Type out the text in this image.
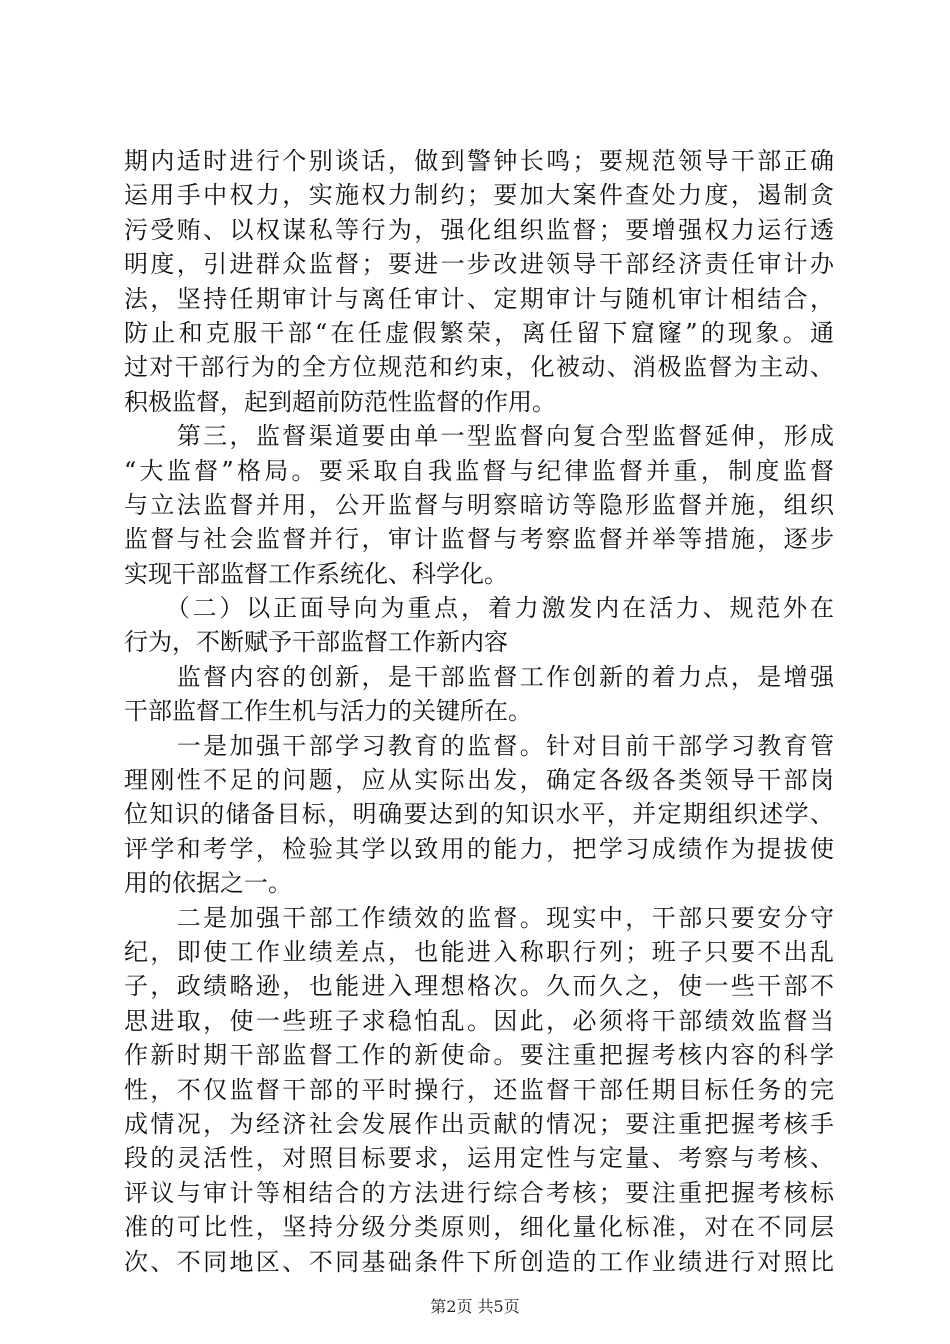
期内适时进行个别谈话，做到警钟长鸣；要规范领导干部正确
运用手中权力，实施权力制约；要加大案件查处力度，遏制贪
污受贿、以权谋私等行为，强化组织监督；要增强权力运行透
明度，引进群众监督；要进一步改进领导干部经济责任审计办
法，坚持任期审计与离任审计、定期审计与随机审计相结合，
防止和克服干部“在任虚假繁荣，离任留下窟窿”的现象。通
过对干部行为的全方位规范和约束，化被动、消极监督为主动、
积极监督，起到超前防范性监督的作用。
　　第三，监督渠道要由单一型监督向复合型监督延伸，形成
“大监督”格局。要采取自我监督与纪律监督并重，制度监督
与立法监督并用，公开监督与明察暗访等隐形监督并施，组织
监督与社会监督并行，审计监督与考察监督并举等措施，逐步
实现干部监督工作系统化、科学化。
　　（二）以正面导向为重点，着力激发内在活力、规范外在
行为，不断赋予干部监督工作新内容
　　监督内容的创新，是干部监督工作创新的着力点，是增强
干部监督工作生机与活力的关键所在。
　　一是加强干部学习教育的监督。针对目前干部学习教育管
理刚性不足的问题，应从实际出发，确定各级各类领导干部岗
位知识的储备目标，明确要达到的知识水平，并定期组织述学、
评学和考学，检验其学以致用的能力，把学习成绩作为提拔使
用的依据之一。
　　二是加强干部工作绩效的监督。现实中，干部只要安分守
纪，即使工作业绩差点，也能进入称职行列；班子只要不出乱
子，政绩略逊，也能进入理想格次。久而久之，使一些干部不
思进取，使一些班子求稳怕乱。因此，必须将干部绩效监督当
作新时期干部监督工作的新使命。要注重把握考核内容的科学
性，不仅监督干部的平时操行，还监督干部任期目标任务的完
成情况，为经济社会发展作出贡献的情况；要注重把握考核手
段的灵活性，对照目标要求，运用定性与定量、考察与考核、
评议与审计等相结合的方法进行综合考核；要注重把握考核标
准的可比性，坚持分级分类原则，细化量化标准，对在不同层
次、不同地区、不同基础条件下所创造的工作业绩进行对照比
第2页 共5页
